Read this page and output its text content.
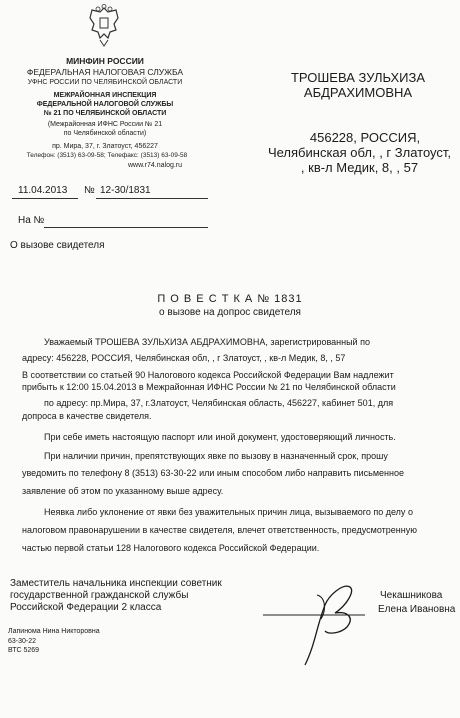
МИНФИН РОССИИ
ФЕДЕРАЛЬНАЯ НАЛОГОВАЯ СЛУЖБА
УФНС РОССИИ ПО ЧЕЛЯБИНСКОЙ ОБЛАСТИ
МЕЖРАЙОННАЯ ИНСПЕКЦИЯ
ФЕДЕРАЛЬНОЙ НАЛОГОВОЙ СЛУЖБЫ
№ 21 ПО ЧЕЛЯБИНСКОЙ ОБЛАСТИ
(Межрайонная ИФНС России № 21
по Челябинской области)
пр. Мира, 37, г. Златоуст, 456227
Телефон: (3513) 63-09-58; Телефакс: (3513) 63-09-58
www.r74.nalog.ru
ТРОШЕВА ЗУЛЬХИЗА
АБДРАХИМОВНА
456228, РОССИЯ,
Челябинская обл, , г Златоуст,
, кв-л Медик, 8, , 57
11.04.2013 № 12-30/1831
На №
О вызове свидетеля
П О В Е С Т К А № 1831
о вызове на допрос свидетеля
Уважаемый ТРОШЕВА ЗУЛЬХИЗА АБДРАХИМОВНА, зарегистрированный по
адресу: 456228, РОССИЯ, Челябинская обл, , г Златоуст, , кв-л Медик, 8, , 57
В соответствии со статьей 90 Налогового кодекса Российской Федерации Вам надлежит
прибыть к 12:00 15.04.2013 в Межрайонная ИФНС России № 21 по Челябинской области
по адресу: пр.Мира, 37, г.Златоуст, Челябинская область, 456227, кабинет 501, для
допроса в качестве свидетеля.
При себе иметь настоящую паспорт или иной документ, удостоверяющий личность.
При наличии причин, препятствующих явке по вызову в назначенный срок, прошу
уведомить по телефону 8 (3513) 63-30-22 или иным способом либо направить письменное
заявление об этом по указанному выше адресу.
Неявка либо уклонение от явки без уважительных причин лица, вызываемого по делу о
налоговом правонарушении в качестве свидетеля, влечет ответственность, предусмотренную
частью первой статьи 128 Налогового кодекса Российской Федерации.
Заместитель начальника инспекции советник
государственной гражданской службы
Российской Федерации 2 класса
Чекашникова
Елена Ивановна
Лапинома Нина Никторовна
63-30-22
ВТС 5269
